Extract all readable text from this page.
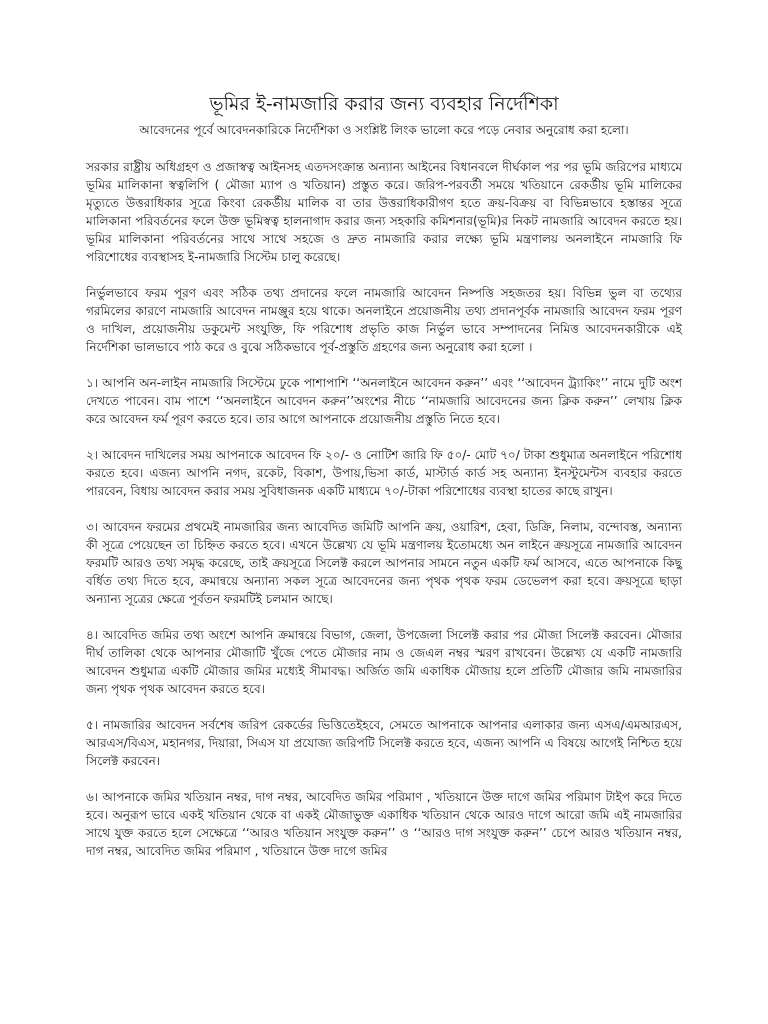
ভূমির ই-নামজারি করার জন্য ব্যবহার নির্দেশিকা

আবেদনের পূর্বে আবেদনকারিকে নির্দেশিকা ও সংশ্লিষ্ট লিংক ভালো করে পড়ে নেবার অনুরোধ করা হলো।

সরকার রাষ্ট্রীয় অধিগ্রহণ ও প্রজাস্বত্ব আইনসহ এতদসংক্রান্ত অন্যান্য আইনের বিধানবলে দীর্ঘকাল পর পর ভূমি জরিপের মাধ্যমে ভূমির মালিকানা স্বত্বলিপি ( মৌজা ম্যাপ ও খতিয়ান) প্রস্তুত করে। জরিপ-পরবর্তী সময়ে খতিয়ানে রেকর্ডীয় ভূমি মালিকের মৃত্যুতে উত্তরাধিকার সূত্রে কিংবা রেকর্ডীয় মালিক বা তার উত্তরাধিকারীগণ হতে ক্রয়-বিক্রয় বা বিভিন্নভাবে হস্তান্তর সূত্রে মালিকানা পরিবর্তনের ফলে উক্ত ভূমিস্বত্ব হালনাগাদ করার জন্য সহকারি কমিশনার(ভূমি)র নিকট নামজারি আবেদন করতে হয়। ভূমির মালিকানা পরিবর্তনের সাথে সাথে সহজে ও দ্রুত নামজারি করার লক্ষ্যে ভূমি মন্ত্রণালয় অনলাইনে নামজারি ফি পরিশোধের ব্যবস্থাসহ ই-নামজারি সিস্টেম চালু করেছে।

নির্ভুলভাবে ফরম পূরণ এবং সঠিক তথ্য প্রদানের ফলে নামজারি আবেদন নিষ্পত্তি সহজতর হয়। বিভিন্ন ভুল বা তথ্যের গরমিলের কারণে নামজারি আবেদন নামঞ্জুর হয়ে থাকে। অনলাইনে প্রয়োজনীয় তথ্য প্রদানপূর্বক নামজারি আবেদন ফরম পূরণ ও দাখিল, প্রয়োজনীয় ডকুমেন্ট সংযুক্তি, ফি পরিশোধ প্রভৃতি কাজ নির্ভুল ভাবে সম্পাদনের নিমিত্ত আবেদনকারীকে এই নির্দেশিকা ভালভাবে পাঠ করে ও বুঝে সঠিকভাবে পূর্ব-প্রস্তুতি গ্রহণের জন্য অনুরোধ করা হলো ।

১। আপনি অন-লাইন নামজারি সিস্টেমে ঢুকে পাশাপাশি ‘‘অনলাইনে আবেদন করুন’’ এবং ‘‘আবেদন ট্র্যাকিং’’ নামে দুটি অংশ দেখতে পাবেন। বাম পাশে ‘‘অনলাইনে আবেদন করুন’’অংশের নীচে ‘‘নামজারি আবেদনের জন্য ক্লিক করুন’’ লেখায় ক্লিক করে আবেদন ফর্ম পূরণ করতে হবে। তার আগে আপনাকে প্রয়োজনীয় প্রস্তুতি নিতে হবে।

২। আবেদন দাখিলের সময় আপনাকে আবেদন ফি ২০/- ও নোটিশ জারি ফি ৫০/- মোট ৭০/ টাকা শুধুমাত্র অনলাইনে পরিশোধ করতে হবে। এজন্য আপনি নগদ, রকেট, বিকাশ, উপায়,ভিসা কার্ড, মাস্টার্ড কার্ড সহ অন্যান্য ইনস্টুমেন্টস ব্যবহার করতে পারবেন, বিধায় আবেদন করার সময় সুবিধাজনক একটি মাধ্যমে ৭০/-টাকা পরিশোধের ব্যবস্থা হাতের কাছে রাখুন।

৩। আবেদন ফরমের প্রথমেই নামজারির জন্য আবেদিত জমিটি আপনি ক্রয়, ওয়ারিশ, হেবা, ডিক্রি, নিলাম, বন্দোবস্ত, অন্যান্য কী সূত্রে পেয়েছেন তা চিহ্নিত করতে হবে। এখনে উল্লেখ্য যে ভূমি মন্ত্রণালয় ইতোমধ্যে অন লাইনে ক্রয়সূত্রে নামজারি আবেদন ফরমটি আরও তথ্য সমৃদ্ধ করেছে, তাই ক্রয়সূত্রে সিলেক্ট করলে আপনার সামনে নতুন একটি ফর্ম আসবে, এতে আপনাকে কিছু বর্ধিত তথ্য দিতে হবে, ক্রমান্বয়ে অন্যান্য সকল সূত্রে আবেদনের জন্য পৃথক পৃথক ফরম ডেভেলপ করা হবে। ক্রয়সূত্রে ছাড়া অন্যান্য সূত্রের ক্ষেত্রে পূর্বতন ফরমটিই চলমান আছে।

৪। আবেদিত জমির তথ্য অংশে আপনি ক্রমান্বয়ে বিভাগ, জেলা, উপজেলা সিলেক্ট করার পর মৌজা সিলেক্ট করবেন। মৌজার দীর্ঘ তালিকা থেকে আপনার মৌজাটি খুঁজে পেতে মৌজার নাম ও জেএল নম্বর স্মরণ রাখবেন। উল্লেখ্য যে একটি নামজারি আবেদন শুধুমাত্র একটি মৌজার জমির মধ্যেই সীমাবদ্ধ। অর্জিত জমি একাধিক মৌজায় হলে প্রতিটি মৌজার জমি নামজারির জন্য পৃথক পৃথক আবেদন করতে হবে।

৫। নামজারির আবেদন সর্বশেষ জরিপ রেকর্ডের ভিত্তিতেইহবে, সেমতে আপনাকে আপনার এলাকার জন্য এসএ/এমআরএস, আরএস/বিএস, মহানগর, দিয়ারা, সিএস যা প্রযোজ্য জরিপটি সিলেক্ট করতে হবে, এজন্য আপনি এ বিষয়ে আগেই নিশ্চিত হয়ে সিলেক্ট করবেন।

৬। আপনাকে জমির খতিয়ান নম্বর, দাগ নম্বর, আবেদিত জমির পরিমাণ , খতিয়ানে উক্ত দাগে জমির পরিমাণ টাইপ করে দিতে হবে। অনুরূপ ভাবে একই খতিয়ান থেকে বা একই মৌজাভুক্ত একাধিক খতিয়ান থেকে আরও দাগে আরো জমি এই নামজারির সাথে যুক্ত করতে হলে সেক্ষেত্রে ‘‘আরও খতিয়ান সংযুক্ত করুন’’ ও ‘‘আরও দাগ সংযুক্ত করুন’’ চেপে আরও খতিয়ান নম্বর, দাগ নম্বর, আবেদিত জমির পরিমাণ , খতিয়ানে উক্ত দাগে জমির
